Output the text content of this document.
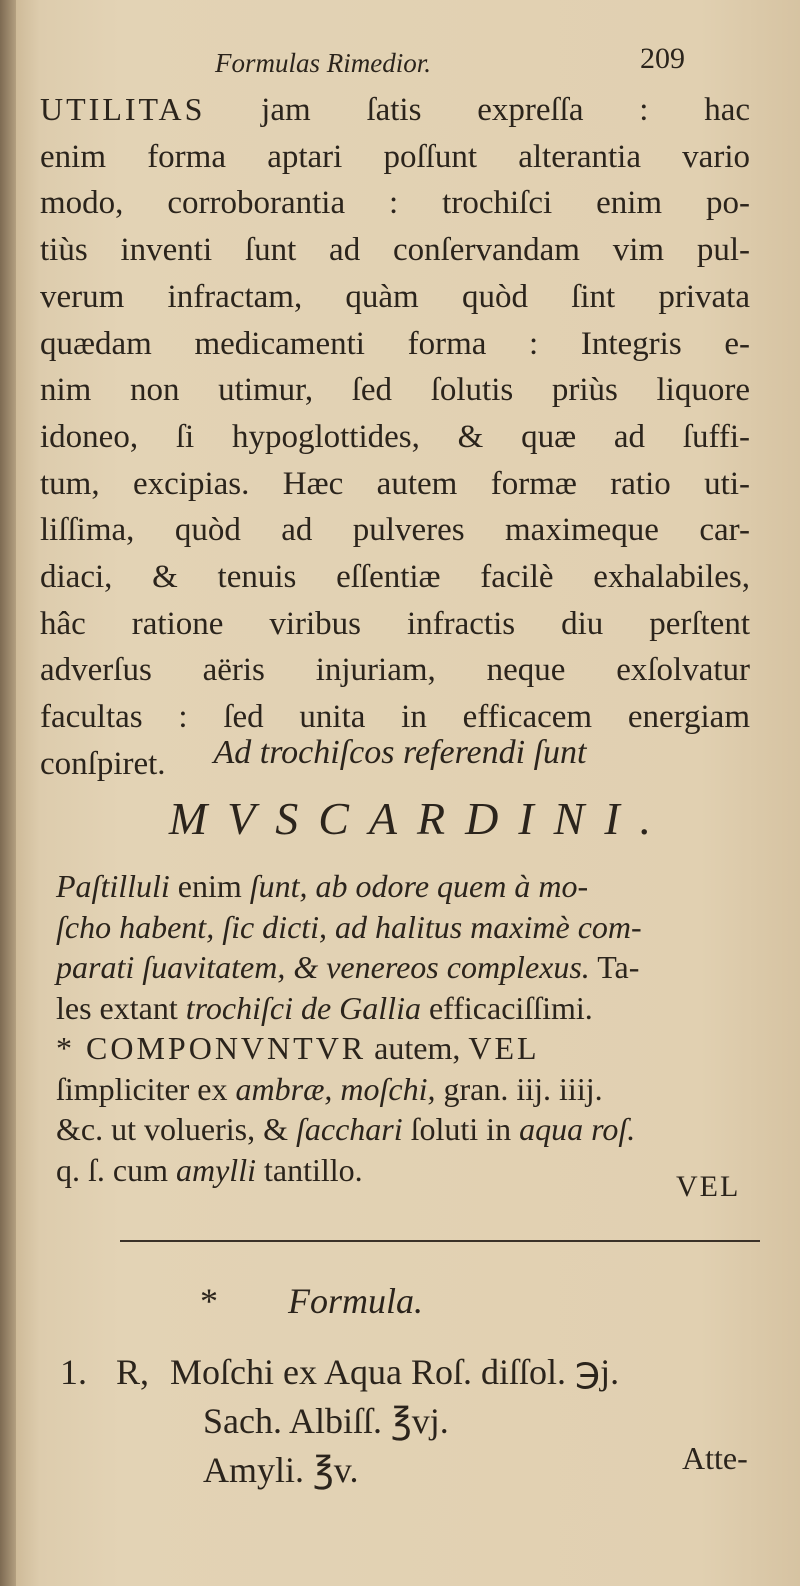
Formulas Rimedior.	209
UTILITAS jam ſatis expreſſa : hac
enim forma aptari poſſunt alterantia vario
modo, corroborantia : trochiſci enim po-
tiùs inventi ſunt ad conſervandam vim pul-
verum infractam, quàm quòd ſint privata
quædam medicamenti forma : Integris e-
nim non utimur, ſed ſolutis priùs liquore
idoneo, ſi hypoglottides, & quæ ad ſuffi-
tum, excipias. Hæc autem formæ ratio uti-
liſſima, quòd ad pulveres maximeque car-
diaci, & tenuis eſſentiæ facilè exhalabiles,
hâc ratione viribus infractis diu perſtent
adverſus aëris injuriam, neque exſolvatur
facultas : ſed unita in efficacem energiam
conſpiret.	Ad trochiſcos referendi ſunt
MVSCARDINI.
Paſtilluli enim ſunt, ab odore quem à mo-
ſcho habent, ſic dicti, ad halitus maximè com-
parati ſuavitatem, & venereos complexus. Ta-
les extant trochiſci de Gallia efficaciſſimi.
* COMPONVNTVR autem, VEL
ſimpliciter ex ambræ, moſchi, gran. iij. iiij.
&c. ut volueris, & ſacchari ſoluti in aqua roſ.
q. ſ. cum amylli tantillo.	VEL
* Formula.
1. R, Moſchi ex Aqua Roſ. diſſol. ℈j.
Sach. Albiſſ. ℥vj.
Amyli. ℥v.	Atte-
